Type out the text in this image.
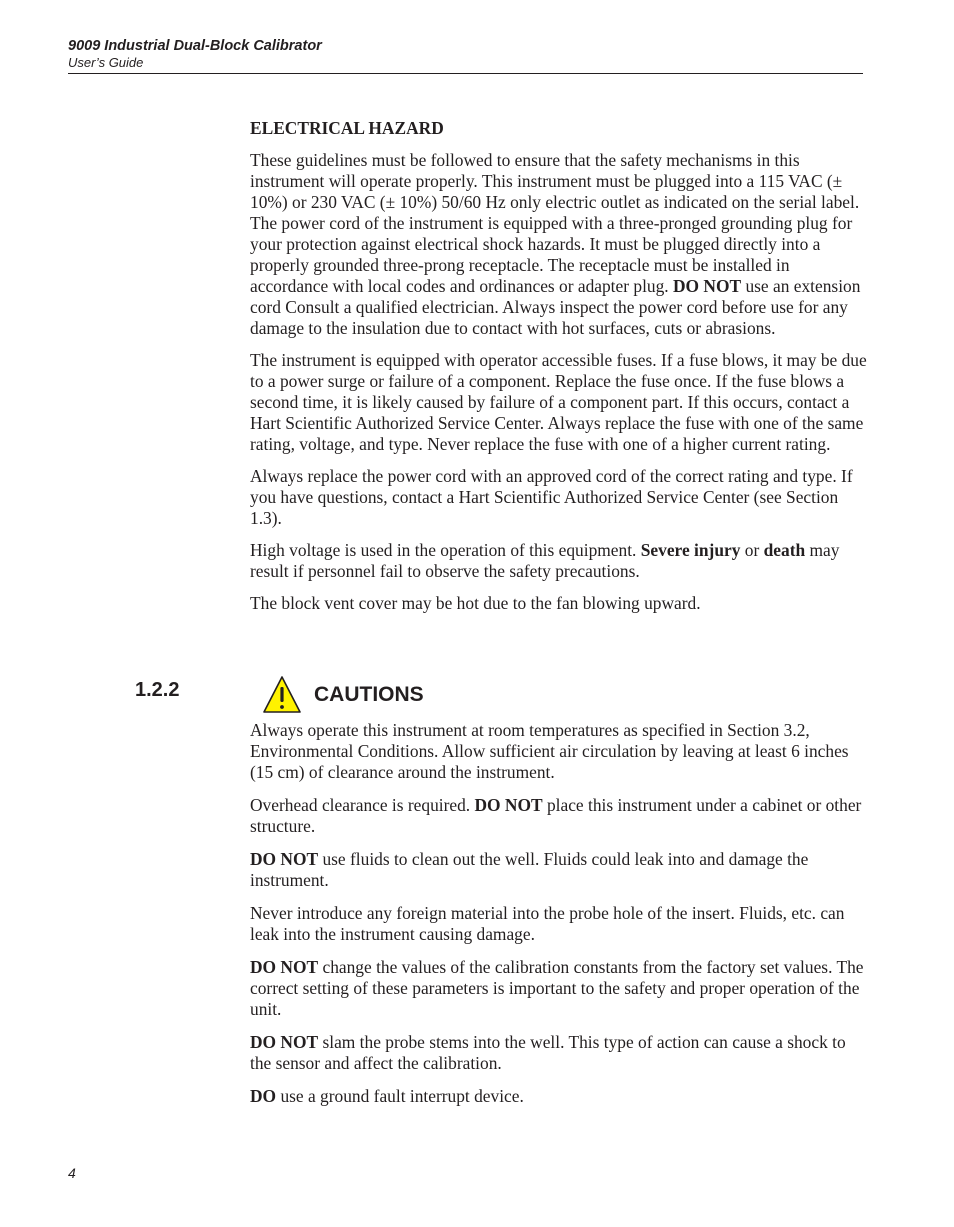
9009 Industrial Dual-Block Calibrator
User’s Guide
ELECTRICAL HAZARD

These guidelines must be followed to ensure that the safety mechanisms in this instrument will operate properly. This instrument must be plugged into a 115 VAC (± 10%) or 230 VAC (± 10%) 50/60 Hz only electric outlet as indicated on the serial label. The power cord of the instrument is equipped with a three-pronged grounding plug for your protection against electrical shock hazards. It must be plugged directly into a properly grounded three-prong receptacle. The receptacle must be installed in accordance with local codes and ordinances or adapter plug. DO NOT use an extension cord Consult a qualified electrician. Always inspect the power cord before use for any damage to the insulation due to contact with hot surfaces, cuts or abrasions.

The instrument is equipped with operator accessible fuses. If a fuse blows, it may be due to a power surge or failure of a component. Replace the fuse once. If the fuse blows a second time, it is likely caused by failure of a component part. If this occurs, contact a Hart Scientific Authorized Service Center. Always replace the fuse with one of the same rating, voltage, and type. Never replace the fuse with one of a higher current rating.

Always replace the power cord with an approved cord of the correct rating and type. If you have questions, contact a Hart Scientific Authorized Service Center (see Section 1.3).

High voltage is used in the operation of this equipment. Severe injury or death may result if personnel fail to observe the safety precautions.

The block vent cover may be hot due to the fan blowing upward.

1.2.2	CAUTIONS

Always operate this instrument at room temperatures as specified in Section 3.2, Environmental Conditions. Allow sufficient air circulation by leaving at least 6 inches (15 cm) of clearance around the instrument.

Overhead clearance is required. DO NOT place this instrument under a cabinet or other structure.

DO NOT use fluids to clean out the well. Fluids could leak into and damage the instrument.

Never introduce any foreign material into the probe hole of the insert. Fluids, etc. can leak into the instrument causing damage.

DO NOT change the values of the calibration constants from the factory set values. The correct setting of these parameters is important to the safety and proper operation of the unit.

DO NOT slam the probe stems into the well. This type of action can cause a shock to the sensor and affect the calibration.

DO use a ground fault interrupt device.

4
